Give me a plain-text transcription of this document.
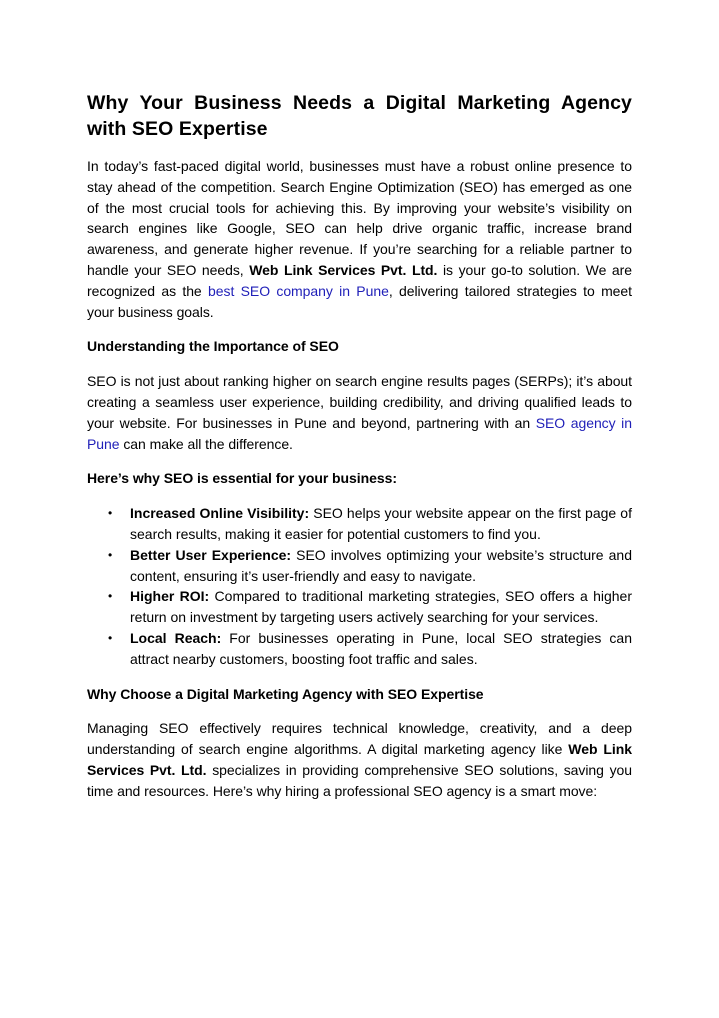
Why Your Business Needs a Digital Marketing Agency with SEO Expertise

In today’s fast-paced digital world, businesses must have a robust online presence to stay ahead of the competition. Search Engine Optimization (SEO) has emerged as one of the most crucial tools for achieving this. By improving your website’s visibility on search engines like Google, SEO can help drive organic traffic, increase brand awareness, and generate higher revenue. If you’re searching for a reliable partner to handle your SEO needs, Web Link Services Pvt. Ltd. is your go-to solution. We are recognized as the best SEO company in Pune, delivering tailored strategies to meet your business goals.

Understanding the Importance of SEO

SEO is not just about ranking higher on search engine results pages (SERPs); it’s about creating a seamless user experience, building credibility, and driving qualified leads to your website. For businesses in Pune and beyond, partnering with an SEO agency in Pune can make all the difference.

Here’s why SEO is essential for your business:

• Increased Online Visibility: SEO helps your website appear on the first page of search results, making it easier for potential customers to find you.
• Better User Experience: SEO involves optimizing your website’s structure and content, ensuring it’s user-friendly and easy to navigate.
• Higher ROI: Compared to traditional marketing strategies, SEO offers a higher return on investment by targeting users actively searching for your services.
• Local Reach: For businesses operating in Pune, local SEO strategies can attract nearby customers, boosting foot traffic and sales.

Why Choose a Digital Marketing Agency with SEO Expertise

Managing SEO effectively requires technical knowledge, creativity, and a deep understanding of search engine algorithms. A digital marketing agency like Web Link Services Pvt. Ltd. specializes in providing comprehensive SEO solutions, saving you time and resources. Here’s why hiring a professional SEO agency is a smart move:
